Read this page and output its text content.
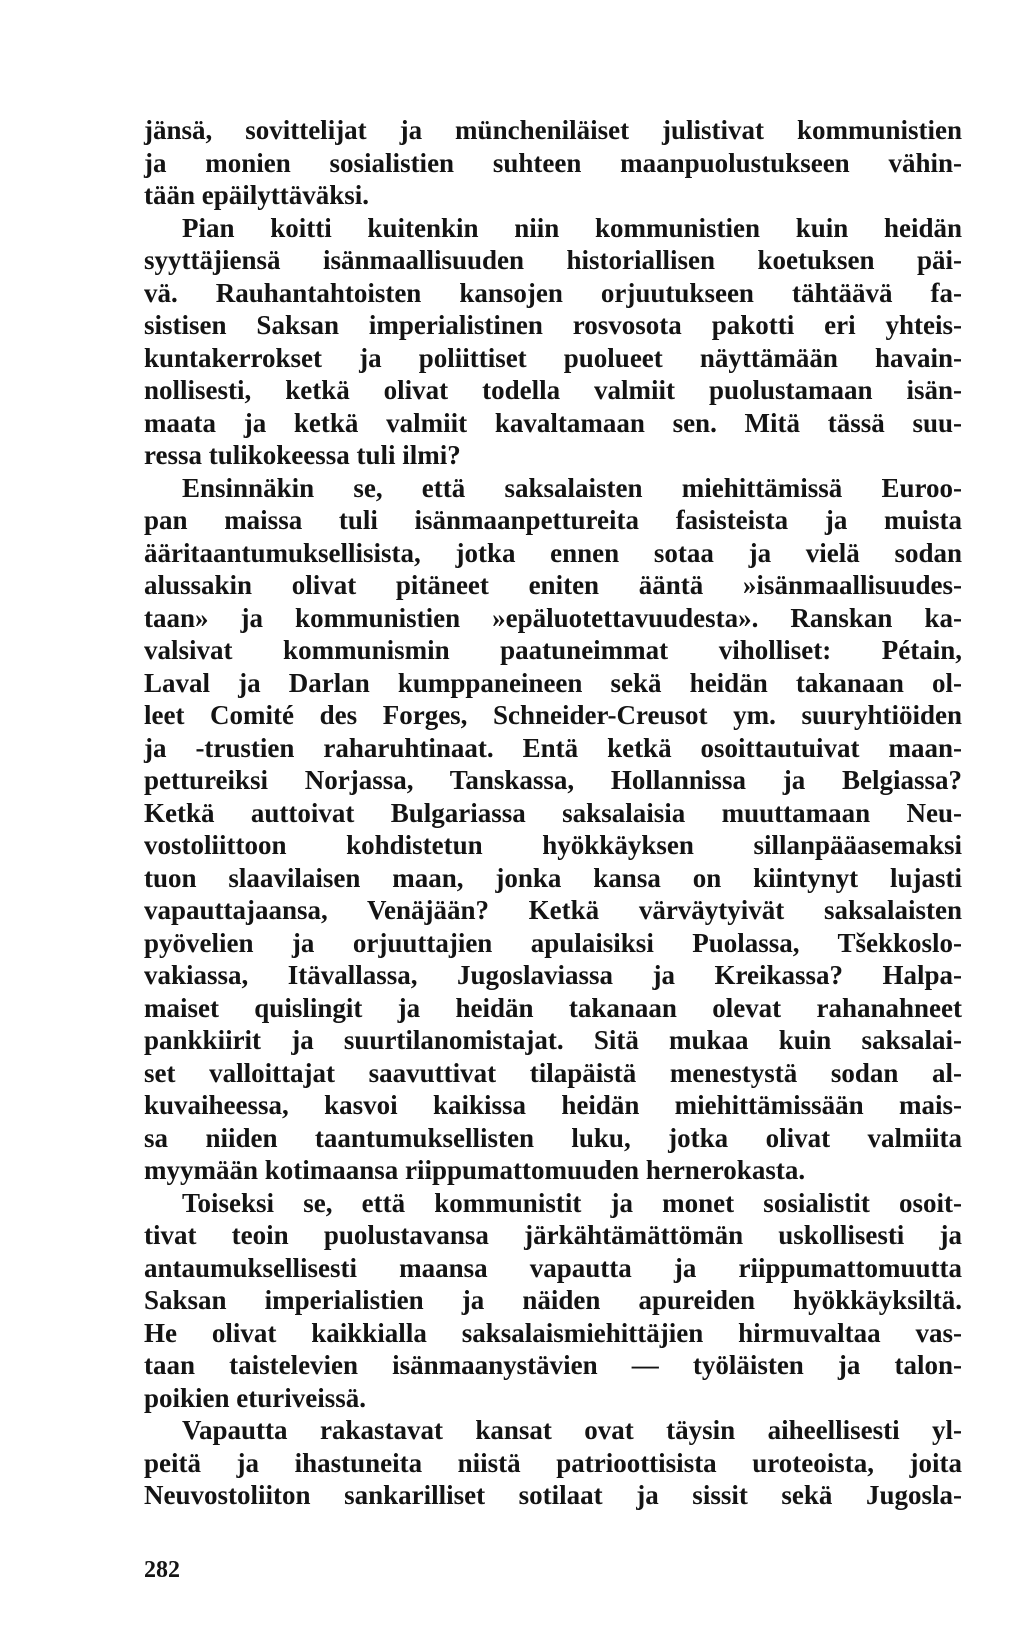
jänsä, sovittelijat ja müncheniläiset julistivat kommunistien
ja monien sosialistien suhteen maanpuolustukseen vähin-
tään epäilyttäväksi.
Pian koitti kuitenkin niin kommunistien kuin heidän
syyttäjiensä isänmaallisuuden historiallisen koetuksen päi-
vä. Rauhantahtoisten kansojen orjuutukseen tähtäävä fa-
sistisen Saksan imperialistinen rosvosota pakotti eri yhteis-
kuntakerrokset ja poliittiset puolueet näyttämään havain-
nollisesti, ketkä olivat todella valmiit puolustamaan isän-
maata ja ketkä valmiit kavaltamaan sen. Mitä tässä suu-
ressa tulikokeessa tuli ilmi?
Ensinnäkin se, että saksalaisten miehittämissä Euroo-
pan maissa tuli isänmaanpettureita fasisteista ja muista
ääritaantumuksellisista, jotka ennen sotaa ja vielä sodan
alussakin olivat pitäneet eniten ääntä »isänmaallisuudes-
taan» ja kommunistien »epäluotettavuudesta». Ranskan ka-
valsivat kommunismin paatuneimmat viholliset: Pétain,
Laval ja Darlan kumppaneineen sekä heidän takanaan ol-
leet Comité des Forges, Schneider-Creusot ym. suuryhtiöiden
ja -trustien raharuhtinaat. Entä ketkä osoittautuivat maan-
pettureiksi Norjassa, Tanskassa, Hollannissa ja Belgiassa?
Ketkä auttoivat Bulgariassa saksalaisia muuttamaan Neu-
vostoliittoon kohdistetun hyökkäyksen sillanpääasemaksi
tuon slaavilaisen maan, jonka kansa on kiintynyt lujasti
vapauttajaansa, Venäjään? Ketkä värväytyivät saksalaisten
pyövelien ja orjuuttajien apulaisiksi Puolassa, Tšekkoslo-
vakiassa, Itävallassa, Jugoslaviassa ja Kreikassa? Halpa-
maiset quislingit ja heidän takanaan olevat rahanahneet
pankkiirit ja suurtilanomistajat. Sitä mukaa kuin saksalai-
set valloittajat saavuttivat tilapäistä menestystä sodan al-
kuvaiheessa, kasvoi kaikissa heidän miehittämissään mais-
sa niiden taantumuksellisten luku, jotka olivat valmiita
myymään kotimaansa riippumattomuuden hernerokasta.
Toiseksi se, että kommunistit ja monet sosialistit osoit-
tivat teoin puolustavansa järkähtämättömän uskollisesti ja
antaumuksellisesti maansa vapautta ja riippumattomuutta
Saksan imperialistien ja näiden apureiden hyökkäyksiltä.
He olivat kaikkialla saksalaismiehittäjien hirmuvaltaa vas-
taan taistelevien isänmaanystävien — työläisten ja talon-
poikien eturiveissä.
Vapautta rakastavat kansat ovat täysin aiheellisesti yl-
peitä ja ihastuneita niistä patrioottisista uroteoista, joita
Neuvostoliiton sankarilliset sotilaat ja sissit sekä Jugosla-
282
